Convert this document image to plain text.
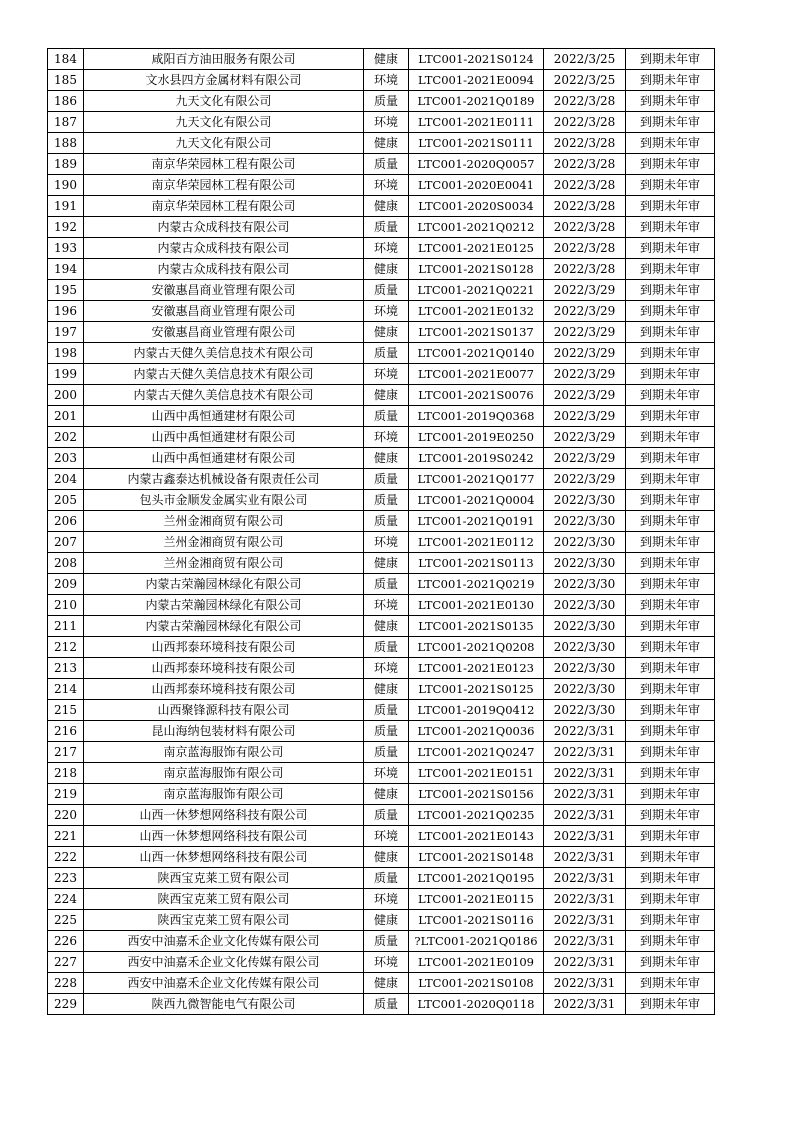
184	咸阳百方油田服务有限公司	健康	LTC001-2021S0124	2022/3/25	到期未年审
185	文水县四方金属材料有限公司	环境	LTC001-2021E0094	2022/3/25	到期未年审
186	九天文化有限公司	质量	LTC001-2021Q0189	2022/3/28	到期未年审
187	九天文化有限公司	环境	LTC001-2021E0111	2022/3/28	到期未年审
188	九天文化有限公司	健康	LTC001-2021S0111	2022/3/28	到期未年审
189	南京华荣园林工程有限公司	质量	LTC001-2020Q0057	2022/3/28	到期未年审
190	南京华荣园林工程有限公司	环境	LTC001-2020E0041	2022/3/28	到期未年审
191	南京华荣园林工程有限公司	健康	LTC001-2020S0034	2022/3/28	到期未年审
192	内蒙古众成科技有限公司	质量	LTC001-2021Q0212	2022/3/28	到期未年审
193	内蒙古众成科技有限公司	环境	LTC001-2021E0125	2022/3/28	到期未年审
194	内蒙古众成科技有限公司	健康	LTC001-2021S0128	2022/3/28	到期未年审
195	安徽惠昌商业管理有限公司	质量	LTC001-2021Q0221	2022/3/29	到期未年审
196	安徽惠昌商业管理有限公司	环境	LTC001-2021E0132	2022/3/29	到期未年审
197	安徽惠昌商业管理有限公司	健康	LTC001-2021S0137	2022/3/29	到期未年审
198	内蒙古天健久美信息技术有限公司	质量	LTC001-2021Q0140	2022/3/29	到期未年审
199	内蒙古天健久美信息技术有限公司	环境	LTC001-2021E0077	2022/3/29	到期未年审
200	内蒙古天健久美信息技术有限公司	健康	LTC001-2021S0076	2022/3/29	到期未年审
201	山西中禹恒通建材有限公司	质量	LTC001-2019Q0368	2022/3/29	到期未年审
202	山西中禹恒通建材有限公司	环境	LTC001-2019E0250	2022/3/29	到期未年审
203	山西中禹恒通建材有限公司	健康	LTC001-2019S0242	2022/3/29	到期未年审
204	内蒙古鑫泰达机械设备有限责任公司	质量	LTC001-2021Q0177	2022/3/29	到期未年审
205	包头市金顺发金属实业有限公司	质量	LTC001-2021Q0004	2022/3/30	到期未年审
206	兰州金湘商贸有限公司	质量	LTC001-2021Q0191	2022/3/30	到期未年审
207	兰州金湘商贸有限公司	环境	LTC001-2021E0112	2022/3/30	到期未年审
208	兰州金湘商贸有限公司	健康	LTC001-2021S0113	2022/3/30	到期未年审
209	内蒙古荣瀚园林绿化有限公司	质量	LTC001-2021Q0219	2022/3/30	到期未年审
210	内蒙古荣瀚园林绿化有限公司	环境	LTC001-2021E0130	2022/3/30	到期未年审
211	内蒙古荣瀚园林绿化有限公司	健康	LTC001-2021S0135	2022/3/30	到期未年审
212	山西邦泰环境科技有限公司	质量	LTC001-2021Q0208	2022/3/30	到期未年审
213	山西邦泰环境科技有限公司	环境	LTC001-2021E0123	2022/3/30	到期未年审
214	山西邦泰环境科技有限公司	健康	LTC001-2021S0125	2022/3/30	到期未年审
215	山西聚锋源科技有限公司	质量	LTC001-2019Q0412	2022/3/30	到期未年审
216	昆山海纳包装材料有限公司	质量	LTC001-2021Q0036	2022/3/31	到期未年审
217	南京蓝海服饰有限公司	质量	LTC001-2021Q0247	2022/3/31	到期未年审
218	南京蓝海服饰有限公司	环境	LTC001-2021E0151	2022/3/31	到期未年审
219	南京蓝海服饰有限公司	健康	LTC001-2021S0156	2022/3/31	到期未年审
220	山西一休梦想网络科技有限公司	质量	LTC001-2021Q0235	2022/3/31	到期未年审
221	山西一休梦想网络科技有限公司	环境	LTC001-2021E0143	2022/3/31	到期未年审
222	山西一休梦想网络科技有限公司	健康	LTC001-2021S0148	2022/3/31	到期未年审
223	陕西宝克莱工贸有限公司	质量	LTC001-2021Q0195	2022/3/31	到期未年审
224	陕西宝克莱工贸有限公司	环境	LTC001-2021E0115	2022/3/31	到期未年审
225	陕西宝克莱工贸有限公司	健康	LTC001-2021S0116	2022/3/31	到期未年审
226	西安中油嘉禾企业文化传媒有限公司	质量	?LTC001-2021Q0186	2022/3/31	到期未年审
227	西安中油嘉禾企业文化传媒有限公司	环境	LTC001-2021E0109	2022/3/31	到期未年审
228	西安中油嘉禾企业文化传媒有限公司	健康	LTC001-2021S0108	2022/3/31	到期未年审
229	陕西九微智能电气有限公司	质量	LTC001-2020Q0118	2022/3/31	到期未年审
